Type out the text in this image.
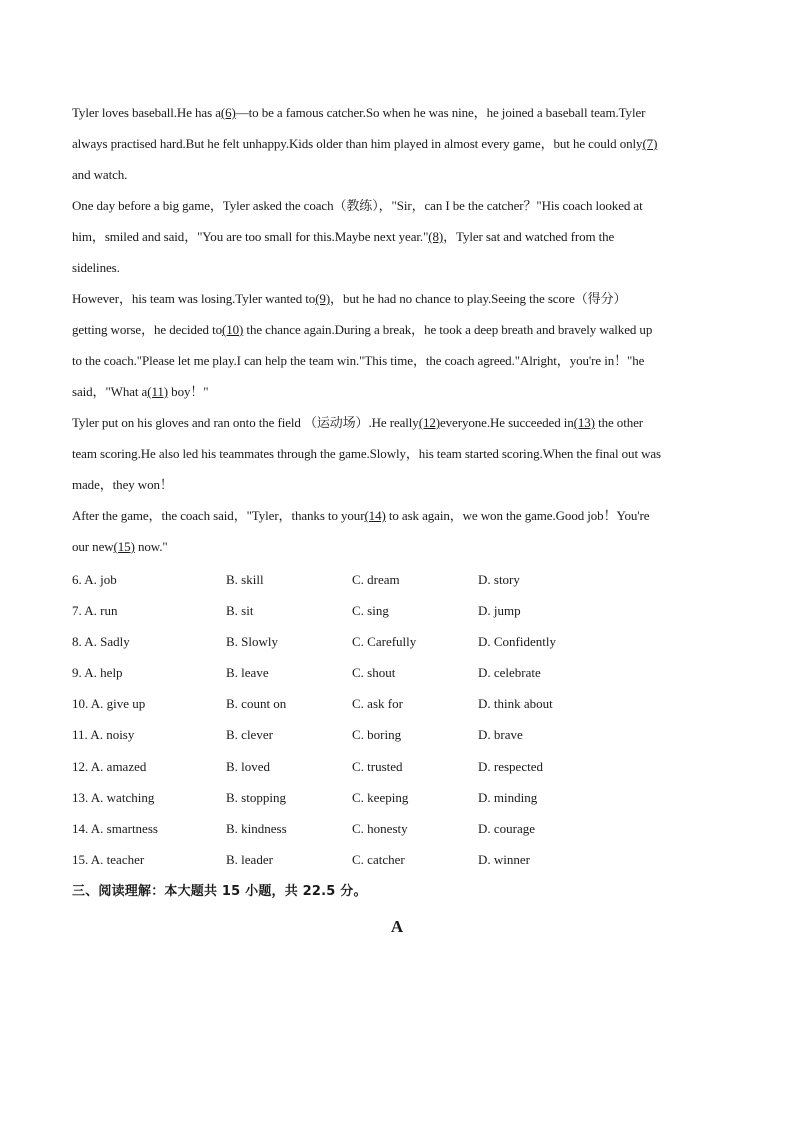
Tyler loves baseball.He has a(6)—to be a famous catcher.So when he was nine，he joined a baseball team.Tyler
always practised hard.But he felt unhappy.Kids older than him played in almost every game，but he could only(7)
and watch.
One day before a big game，Tyler asked the coach（教练），"Sir，can I be the catcher？"His coach looked at
him，smiled and said，"You are too small for this.Maybe next year."(8)，Tyler sat and watched from the
sidelines.
However，his team was losing.Tyler wanted to(9)，but he had no chance to play.Seeing the score（得分）
getting worse，he decided to(10) the chance again.During a break，he took a deep breath and bravely walked up
to the coach."Please let me play.I can help the team win."This time，the coach agreed."Alright，you're in！"he
said，"What a(11) boy！"
Tyler put on his gloves and ran onto the field （运动场）.He really(12)everyone.He succeeded in(13) the other
team scoring.He also led his teammates through the game.Slowly，his team started scoring.When the final out was
made，they won！
After the game，the coach said，"Tyler，thanks to your(14) to ask again，we won the game.Good job！You're
our new(15) now."
6. A. job	B. skill	C. dream	D. story
7. A. run	B. sit	C. sing	D. jump
8. A. Sadly	B. Slowly	C. Carefully	D. Confidently
9. A. help	B. leave	C. shout	D. celebrate
10. A. give up	B. count on	C. ask for	D. think about
11. A. noisy	B. clever	C. boring	D. brave
12. A. amazed	B. loved	C. trusted	D. respected
13. A. watching	B. stopping	C. keeping	D. minding
14. A. smartness	B. kindness	C. honesty	D. courage
15. A. teacher	B. leader	C. catcher	D. winner
三、阅读理解：本大题共 15 小题，共 22.5 分。
A
